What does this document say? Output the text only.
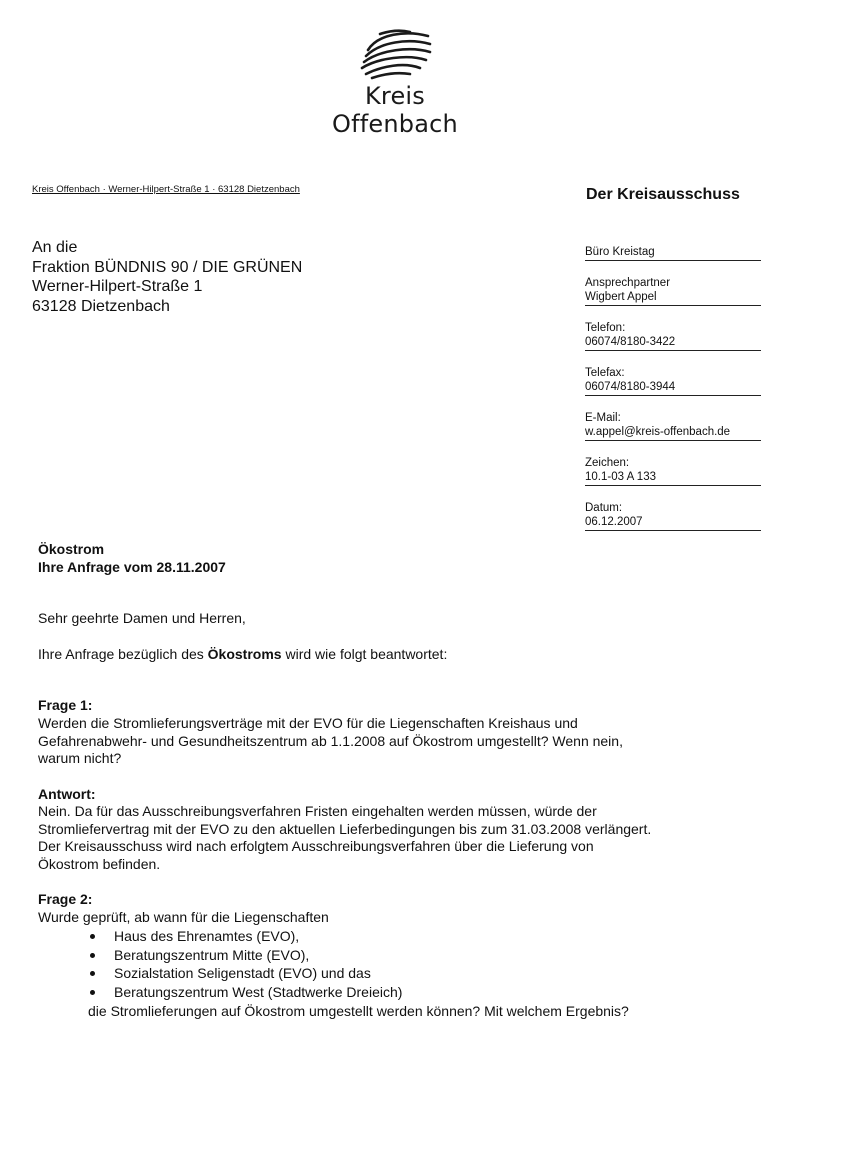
Kreis Offenbach
Kreis Offenbach · Werner-Hilpert-Straße 1 · 63128 Dietzenbach	Der Kreisausschuss
An die
Fraktion BÜNDNIS 90 / DIE GRÜNEN
Werner-Hilpert-Straße 1
63128 Dietzenbach
Büro Kreistag
Ansprechpartner
Wigbert Appel
Telefon:
06074/8180-3422
Telefax:
06074/8180-3944
E-Mail:
w.appel@kreis-offenbach.de
Zeichen:
10.1-03 A 133
Datum:
06.12.2007
Ökostrom
Ihre Anfrage vom 28.11.2007

Sehr geehrte Damen und Herren,

Ihre Anfrage bezüglich des Ökostroms wird wie folgt beantwortet:

Frage 1:

Werden die Stromlieferungsverträge mit der EVO für die Liegenschaften Kreishaus und
Gefahrenabwehr- und Gesundheitszentrum ab 1.1.2008 auf Ökostrom umgestellt? Wenn nein,
warum nicht?

Antwort:

Nein. Da für das Ausschreibungsverfahren Fristen eingehalten werden müssen, würde der
Stromliefervertrag mit der EVO zu den aktuellen Lieferbedingungen bis zum 31.03.2008 verlängert.
Der Kreisausschuss wird nach erfolgtem Ausschreibungsverfahren über die Lieferung von
Ökostrom befinden.

Frage 2:

Wurde geprüft, ab wann für die Liegenschaften

Haus des Ehrenamtes (EVO),
Beratungszentrum Mitte (EVO),
Sozialstation Seligenstadt (EVO) und das
Beratungszentrum West (Stadtwerke Dreieich)

die Stromlieferungen auf Ökostrom umgestellt werden können? Mit welchem Ergebnis?
